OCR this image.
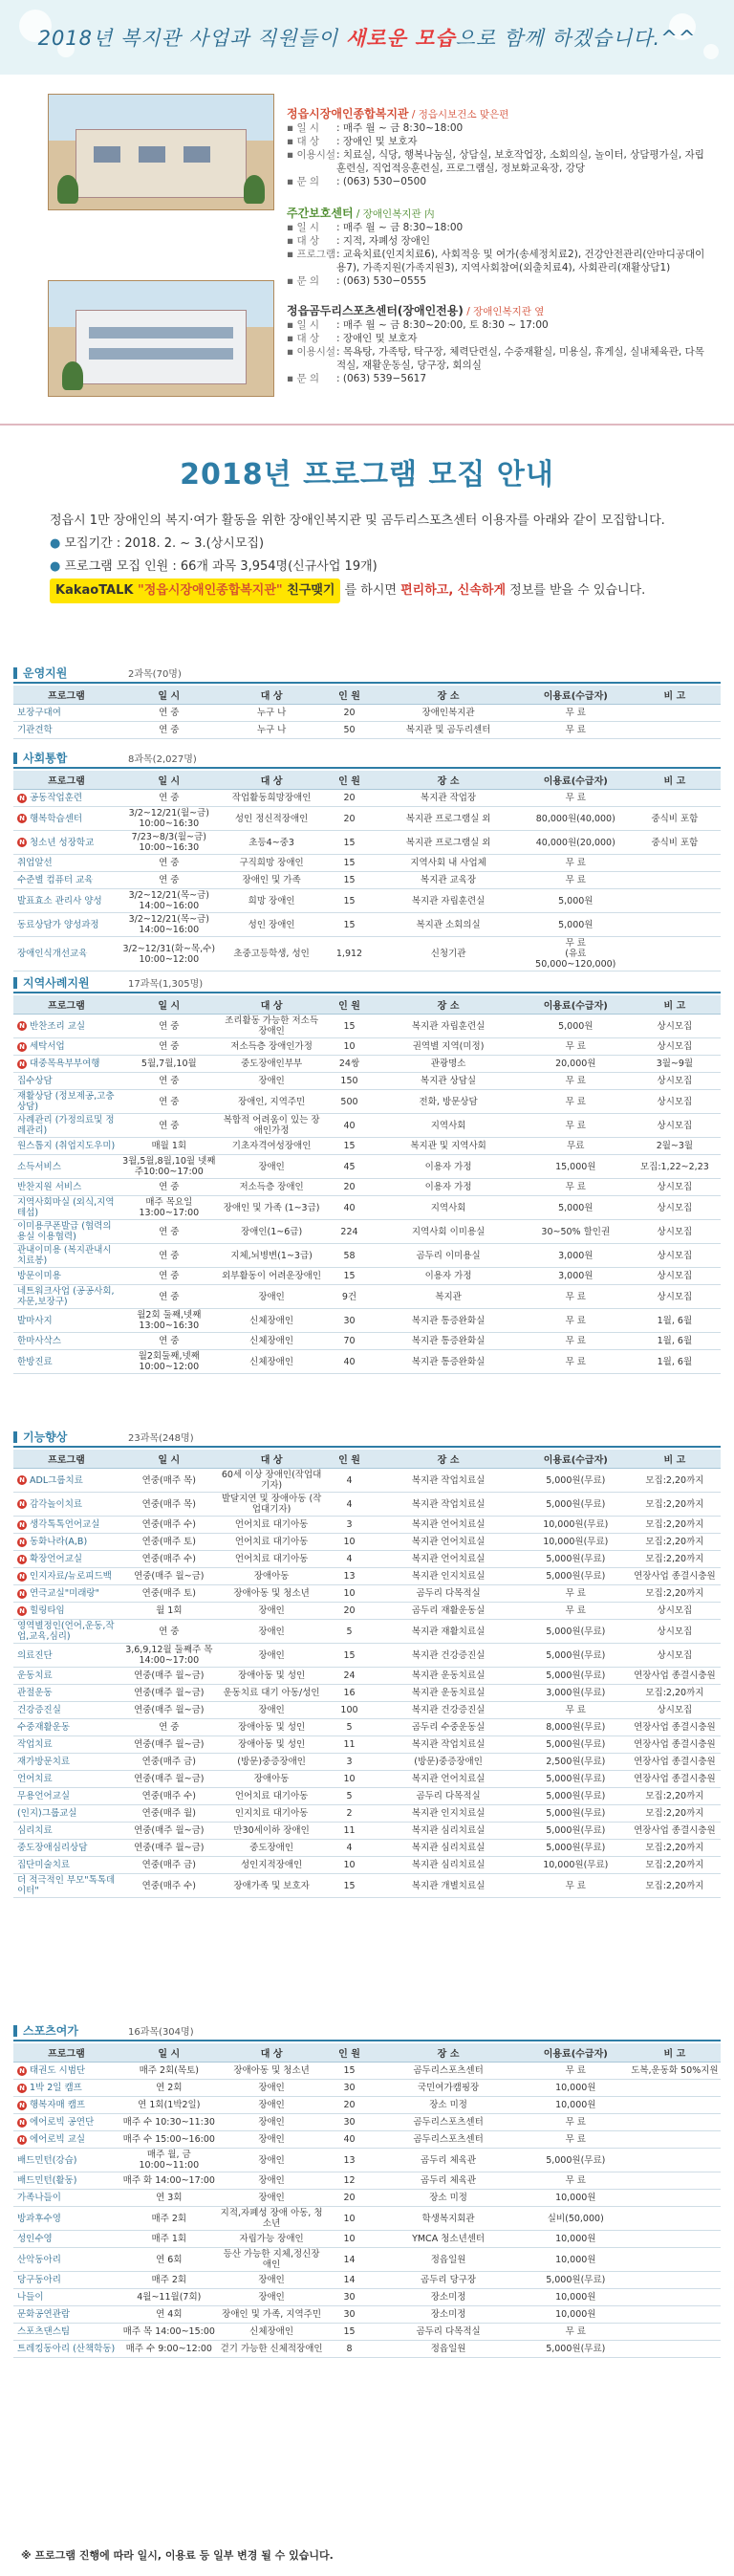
2018년 복지관 사업과 직원들이 새로운 모습으로 함께 하겠습니다.^^
정읍시장애인종합복지관 / 정읍시보건소 맞은편
▪ 일 시	: 매주 월 ~ 금 8:30~18:00
▪ 대 상	: 장애인 및 보호자
▪ 이용시설 : 치료실, 식당, 행복나눔실, 상담실, 보호작업장, 소회의실, 놀이터, 상담평가실, 자립훈련실, 직업적응훈련실, 프로그램실, 정보화교육장, 강당
▪ 문 의	: (063) 530−0500
주간보호센터 / 장애인복지관 内
▪ 일 시	: 매주 월 ~ 금 8:30~18:00
▪ 대 상	: 지적, 자폐성 장애인
▪ 프로그램 : 교육치료(인지치료6), 사회적응 및 여가(송세정치료2), 건강안전관리(안마디공대이용7), 가족지원(가족지원3), 지역사회참여(외출치료4), 사회관리(재활상담1)
▪ 문 의	: (063) 530−0555
정읍곰두리스포츠센터(장애인전용) / 장애인복지관 옆
▪ 일 시	: 매주 월 ~ 금 8:30~20:00, 토 8:30 ~ 17:00
▪ 대 상	: 장애인 및 보호자
▪ 이용시설 : 목욕탕, 가족탕, 탁구장, 체력단련실, 수중재활실, 미용실, 휴게실, 실내체육관, 다목적실, 재활운동실, 당구장, 회의실
▪ 문 의	: (063) 539−5617
2018년 프로그램 모집 안내
정읍시 1만 장애인의 복지·여가 활동을 위한 장애인복지관 및 곰두리스포츠센터 이용자를 아래와 같이 모집합니다.
● 모집기간 : 2018. 2. ~ 3.(상시모집)
● 프로그램 모집 인원 : 66개 과목 3,954명(신규사업 19개)
KakaoTALK "정읍시장애인종합복지관" 친구맺기 를 하시면 편리하고, 신속하게 정보를 받을 수 있습니다.
운영지원	2과목(70명)
프로그램	일 시	대 상	인 원	장 소	이용료(수급자)	비 고
보장구대여	연 중	누구 나	20	장애인복지관	무 료	
기관견학	연 중	누구 나	50	복지관 및 곰두리센터	무 료	
사회통합	8과목(2,027명)
프로그램	일 시	대 상	인 원	장 소	이용료(수급자)	비 고
N 공동작업훈련	연 중	작업활동희망장애인	20	복지관 작업장	무 료	
N 행복학습센터	3/2~12/21(월~금) 10:00~16:30	성인 정신적장애인	20	복지관 프로그램실 외	80,000원(40,000)	중식비 포함
N 청소년 성장학교	7/23~8/3(월~금) 10:00~16:30	초등4~중3	15	복지관 프로그램실 외	40,000원(20,000)	중식비 포함
취업알선	연 중	구직희망 장애인	15	지역사회 내 사업체	무 료	
수준별 컴퓨터 교육	연 중	장애인 및 가족	15	복지관 교육장	무 료	
발표효소 관리사 양성	3/2~12/21(목~금) 14:00~16:00	희망 장애인	15	복지관 자립훈련실	5,000원	
동료상담가 양성과정	3/2~12/21(목~금) 14:00~16:00	성인 장애인	15	복지관 소회의실	5,000원	
장애인식개선교육	3/2~12/31(화~목,수) 10:00~12:00	초중고등학생, 성인	1,912	신청기관	무 료
(유료 50,000~120,000)	
지역사례지원	17과목(1,305명)
프로그램	일 시	대 상	인 원	장 소	이용료(수급자)	비 고
N 반찬조리 교실	연 중	조리활동 가능한 저소득 장애인	15	복지관 자립훈련실	5,000원	상시모집
N 세탁서업	연 중	저소득층 장애인가정	10	권역별 지역(미정)	무 료	상시모집
N 대중목욕부부여행	5월,7월,10월	중도장애인부부	24쌍	관광명소	20,000원	3월~9월
집수상담	연 중	장애인	150	복지관 상담실	무 료	상시모집
재활상담 (정보제공,고충상담)	연 중	장애인, 지역주민	500	전화, 방문상담	무 료	상시모집
사례관리 (가정의료및 정레관리)	연 중	복합적 어려움이 있는 장애인가정	40	지역사회	무 료	상시모집
원스톱지 (취업지도우미)	매월 1회	기초자격여성장애인	15	복지관 및 지역사회	무료	2월~3월
소득서비스	3월,5월,8월,10월 넷째주10:00~17:00	장애인	45	이용자 가정	15,000원	모집:1,22~2,23
반찬지원 서비스	연 중	저소득층 장애인	20	이용자 가정	무 료	상시모집
지역사회마실 (외식,지역테섭)	매주 목요일 13:00~17:00	장애인 및 가족 (1~3급)	40	지역사회	5,000원	상시모집
이미용쿠폰발급 (협력의용실 이용협력)	연 중	장애인(1~6급)	224	지역사회 이미용실	30~50% 할인권	상시모집
관내이미용 (복지관내시치료봉)	연 중	지체,뇌병변(1~3급)	58	곰두리 이미용실	3,000원	상시모집
방문이미용	연 중	외부활동이 어려운장애인	15	이용자 가정	3,000원	상시모집
네트워크사업 (공공사회,자문,보장구)	연 중	장애인	9건	복지관	무 료	상시모집
발마사지	월2회 둘째,넷째 13:00~16:30	신체장애인	30	복지관 통증완화실	무 료	1월, 6월
한마사삭스	연 중	신체장애인	70	복지관 통증완화실	무 료	1월, 6월
한방진료	월2회둘째,넷째 10:00~12:00	신체장애인	40	복지관 통증완화실	무 료	1월, 6월
기능향상	23과목(248명)
프로그램	일 시	대 상	인 원	장 소	이용료(수급자)	비 고
N ADL그룹치료	연중(매주 목)	60세 이상 장애인(작업대기자)	4	복지관 작업치료실	5,000원(무료)	모집:2,20까지
N 감각놀이치료	연중(매주 목)	발달지연 및 장애아동 (작업대기자)	4	복지관 작업치료실	5,000원(무료)	모집:2,20까지
N 생각톡톡언어교실	연중(매주 수)	언어치료 대기아동	3	복지관 언어치료실	10,000원(무료)	모집:2,20까지
N 동화나라(A,B)	연중(매주 토)	언어치료 대기아동	10	복지관 언어치료실	10,000원(무료)	모집:2,20까지
N 확장언어교실	연중(매주 수)	언어치료 대기아동	4	복지관 언어치료실	5,000원(무료)	모집:2,20까지
N 인지자료/뉴로피드백	연중(매주 월~금)	장애아동	13	복지관 인지치료실	5,000원(무료)	연장사업 종결시충원
N 연극교실"미래랑"	연중(매주 토)	장애아동 및 청소년	10	곰두리 다목적실	무 료	모집:2,20까지
N 힐링타임	월 1회	장애인	20	곰두리 재활운동실	무 료	상시모집
영역별정인(언어,운동,작업,교육,심리)	연 중	장애인	5	복지관 재활치료실	5,000원(무료)	상시모집
의료진단	3,6,9,12월 둘째주 목 14:00~17:00	장애인	15	복지관 건강증진실	5,000원(무료)	상시모집
운동치료	연중(매주 월~금)	장애아동 및 성인	24	복지관 운동치료실	5,000원(무료)	연장사업 종결시충원
관절운동	연중(매주 월~금)	운동치료 대기 아동/성인	16	복지관 운동치료실	3,000원(무료)	모집:2,20까지
건강증진실	연중(매주 월~금)	장애인	100	복지관 건강증진실	무 료	상시모집
수중재활운동	연 중	장애아동 및 성인	5	곰두리 수중운동실	8,000원(무료)	연장사업 종결시충원
작업치료	연중(매주 월~금)	장애아동 및 성인	11	복지관 작업치료실	5,000원(무료)	연장사업 종결시충원
재가방문치료	연중(매주 금)	(방문)중증장애인	3	(방문)중증장애인	2,500원(무료)	연장사업 종결시충원
언어치료	연중(매주 월~금)	장애아동	10	복지관 언어치료실	5,000원(무료)	연장사업 종결시충원
무용언어교실	연중(매주 수)	언어치료 대기아동	5	곰두리 다목적실	5,000원(무료)	모집:2,20까지
(인지)그룹교실	연중(매주 월)	인지치료 대기아동	2	복지관 인지치료실	5,000원(무료)	모집:2,20까지
심리치료	연중(매주 월~금)	만30세이하 장애인	11	복지관 심리치료실	5,000원(무료)	연장사업 종결시충원
중도장애심리상담	연중(매주 월~금)	중도장애인	4	복지관 심리치료실	5,000원(무료)	모집:2,20까지
집단미술치료	연중(매주 금)	성인지적장애인	10	복지관 심리치료실	10,000원(무료)	모집:2,20까지
더 적극적인 부모"톡톡데이터"	연중(매주 수)	장애가족 및 보호자	15	복지관 개별치료실	무 료	모집:2,20까지
스포츠여가	16과목(304명)
프로그램	일 시	대 상	인 원	장 소	이용료(수급자)	비 고
N 태권도 시범단	매주 2회(목토)	장애아동 및 청소년	15	곰두리스포츠센터	무 료	도복,운동화 50%지원
N 1박 2일 캠프	연 2회	장애인	30	국민여가캠핑장	10,000원	
N 행복자매 캠프	연 1회(1박2일)	장애인	20	장소 미정	10,000원	
N 에어로빅 공연단	매주 수 10:30~11:30	장애인	30	곰두리스포츠센터	무 료	
N 에어로빅 교실	매주 수 15:00~16:00	장애인	40	곰두리스포츠센터	무 료	
배드민턴(강습)	매주 월, 금 10:00~11:00	장애인	13	곰두리 체육관	5,000원(무료)	
배드민턴(활동)	매주 화 14:00~17:00	장애인	12	곰두리 체육관	무 료	
가족나들이	연 3회	장애인	20	장소 미정	10,000원	
방과후수영	매주 2회	지적,자폐성 장애 아동, 청소년	10	학생복지회관	실비(50,000)	
성인수영	매주 1회	자립가능 장애인	10	YMCA 청소년센터	10,000원	
산악동아리	연 6회	등산 가능한 지체,정신장애인	14	정읍일원	10,000원	
당구동아리	매주 2회	장애인	14	곰두리 당구장	5,000원(무료)	
나들이	4월~11월(7회)	장애인	30	장소미정	10,000원	
문화공연관람	연 4회	장애인 및 가족, 지역주민	30	장소미정	10,000원	
스포츠댄스팀	매주 목 14:00~15:00	신체장애인	15	곰두리 다목적실	무 료	
트레킹동아리 (산책학동)	매주 수 9:00~12:00	걷기 가능한 신체적장애인	8	정읍일원	5,000원(무료)	
※ 프로그램 진행에 따라 일시, 이용료 등 일부 변경 될 수 있습니다.
